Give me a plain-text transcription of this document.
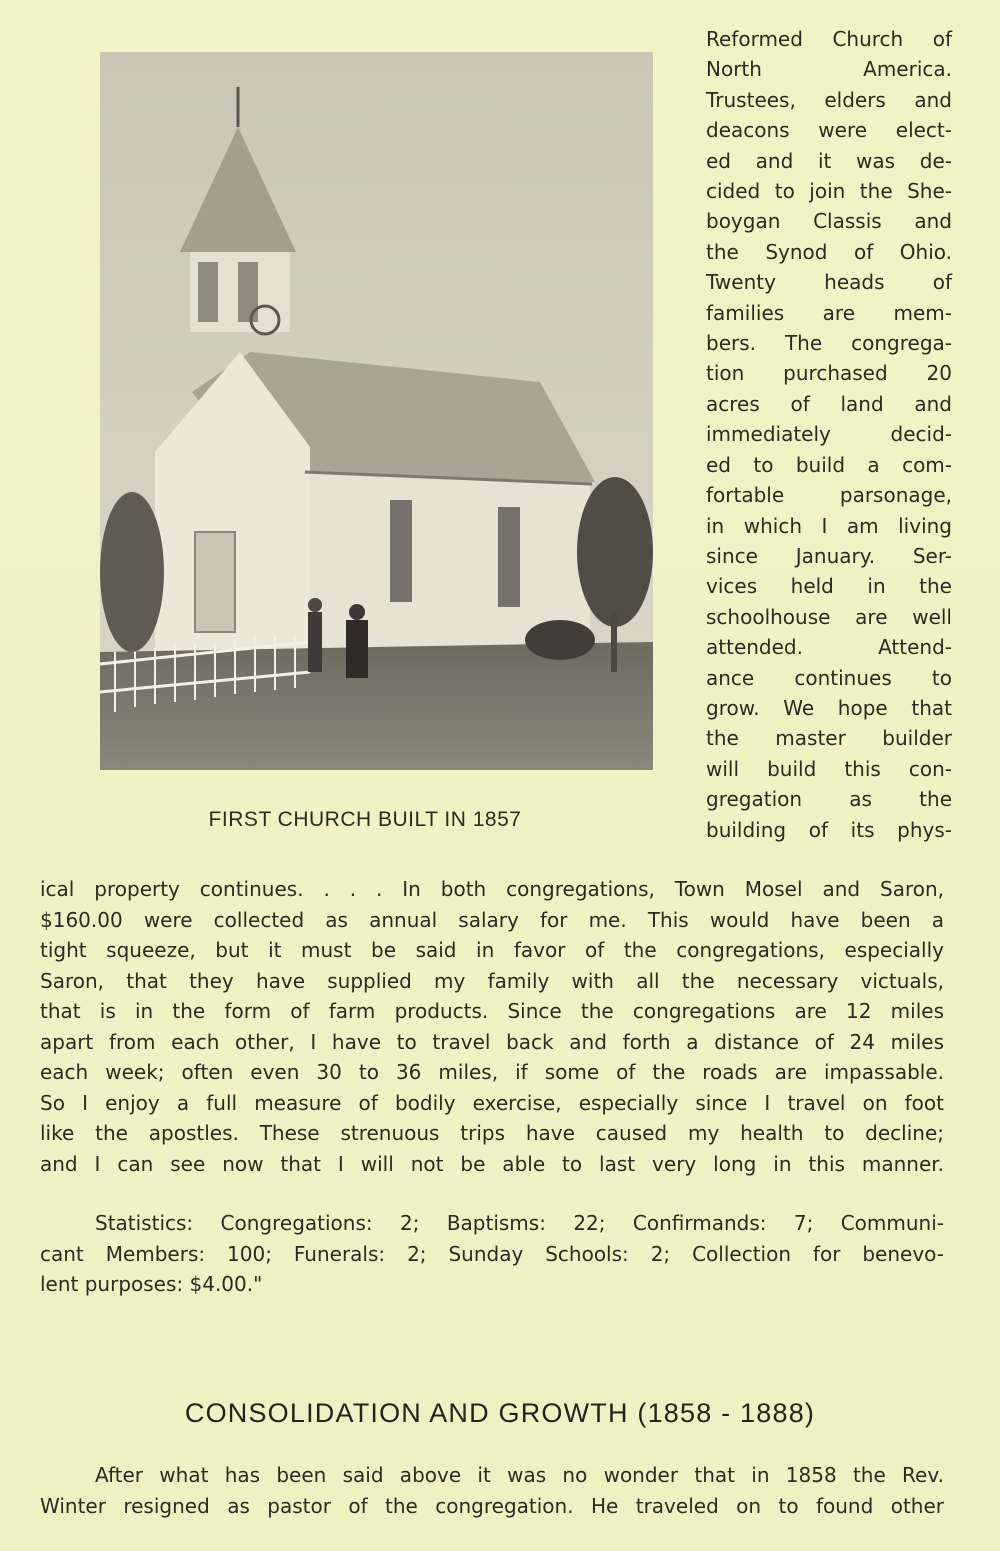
FIRST CHURCH BUILT IN 1857
Reformed Church of
North America.
Trustees, elders and
deacons were elect-
ed and it was de-
cided to join the She-
boygan Classis and
the Synod of Ohio.
Twenty heads of
families are mem-
bers. The congrega-
tion purchased 20
acres of land and
immediately decid-
ed to build a com-
fortable parsonage,
in which I am living
since January. Ser-
vices held in the
schoolhouse are well
attended. Attend-
ance continues to
grow. We hope that
the master builder
will build this con-
gregation as the
building of its phys-
ical property continues. . . . In both congregations, Town Mosel and Saron,
$160.00 were collected as annual salary for me. This would have been a
tight squeeze, but it must be said in favor of the congregations, especially
Saron, that they have supplied my family with all the necessary victuals,
that is in the form of farm products. Since the congregations are 12 miles
apart from each other, I have to travel back and forth a distance of 24 miles
each week; often even 30 to 36 miles, if some of the roads are impassable.
So I enjoy a full measure of bodily exercise, especially since I travel on foot
like the apostles. These strenuous trips have caused my health to decline;
and I can see now that I will not be able to last very long in this manner.
Statistics: Congregations: 2; Baptisms: 22; Confirmands: 7; Communi-
cant Members: 100; Funerals: 2; Sunday Schools: 2; Collection for benevo-
lent purposes: $4.00."
CONSOLIDATION AND GROWTH (1858 - 1888)
After what has been said above it was no wonder that in 1858 the Rev.
Winter resigned as pastor of the congregation. He traveled on to found other
